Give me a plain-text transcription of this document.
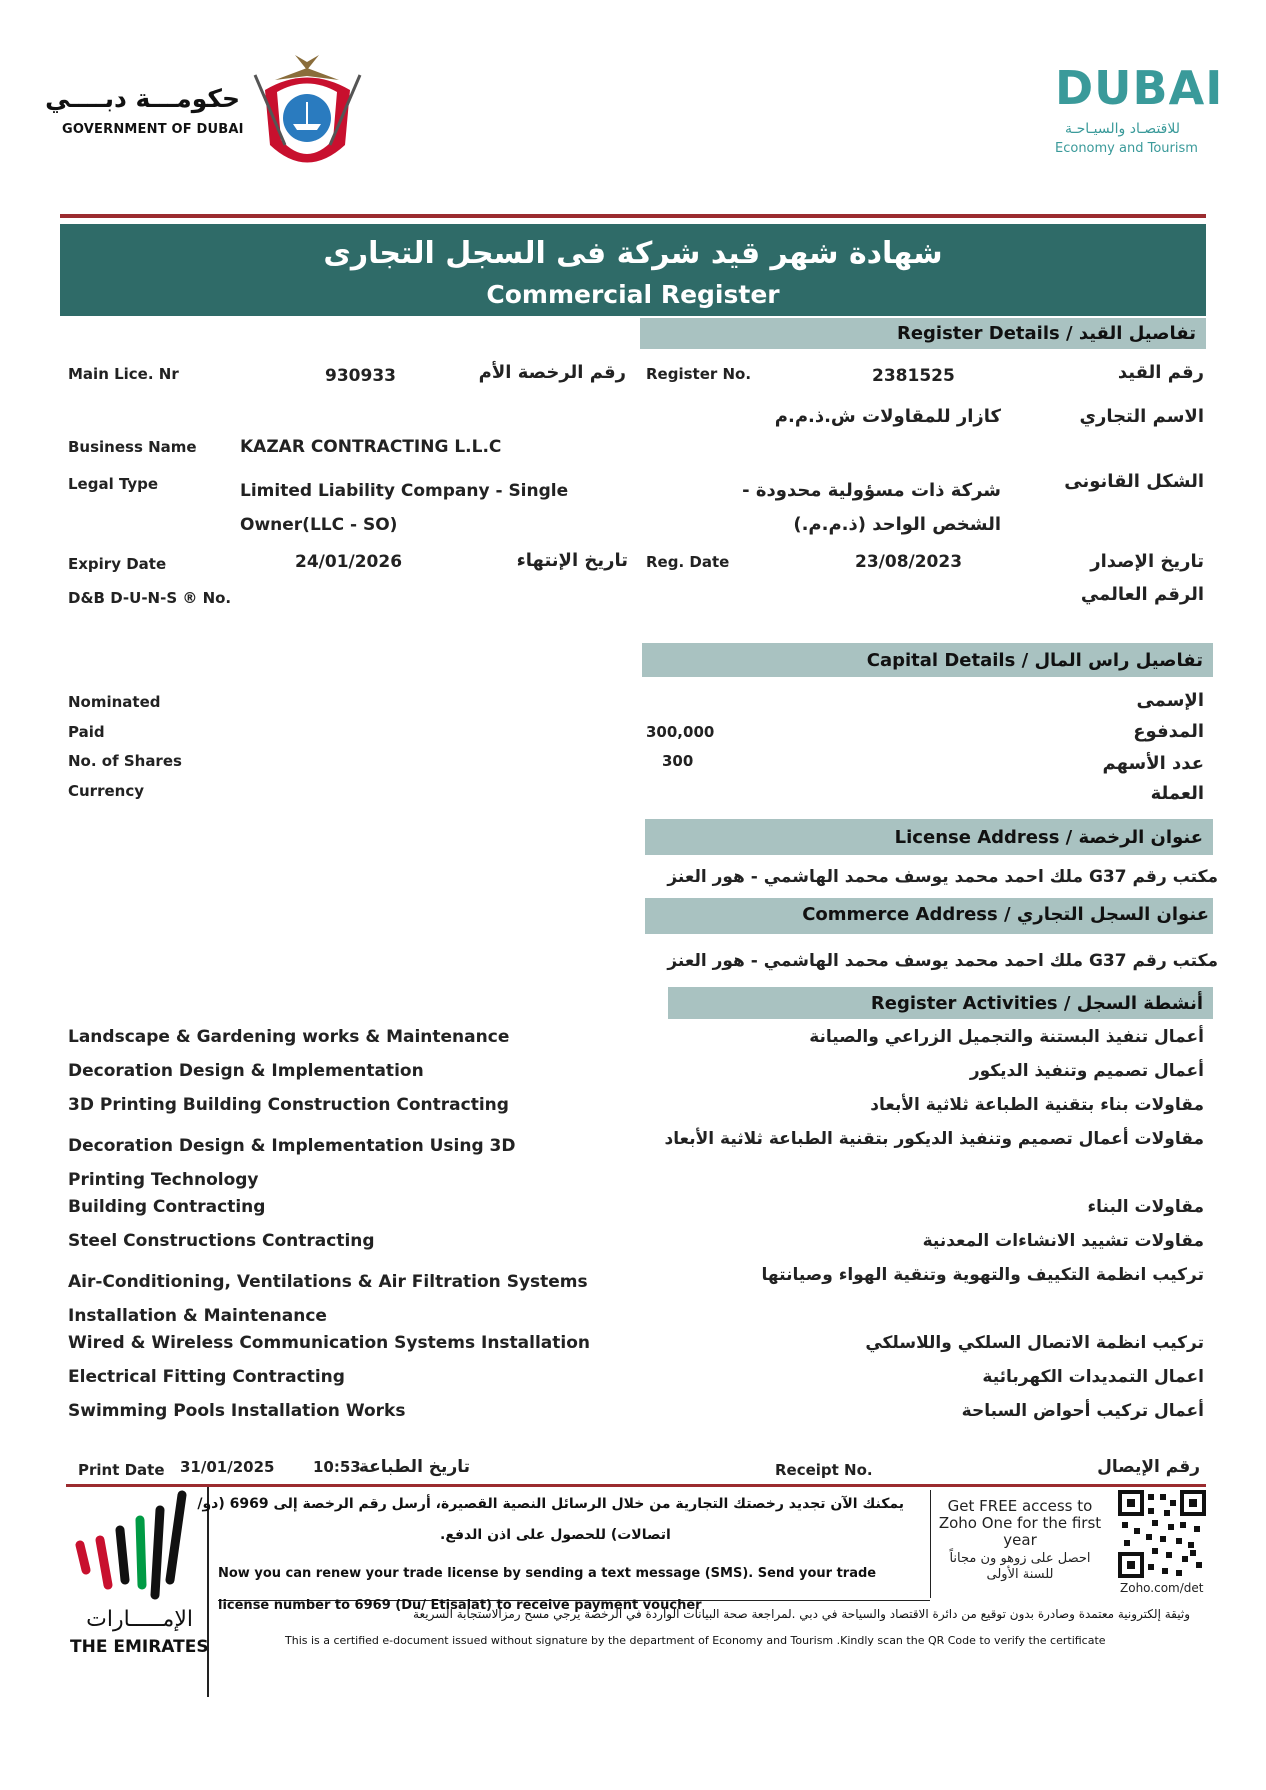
حكومـــة دبــــي
GOVERNMENT OF DUBAI
DUBAI
للاقتصـاد والسيـاحـة
Economy and Tourism
شهادة شهر قيد شركة فى السجل التجارى
Commercial Register
Register Details / تفاصيل القيد
Main Lice. Nr	930933	رقم الرخصة الأم Register No.	2381525	رقم القيد
كازار للمقاولات ش.ذ.م.م	الاسم التجاري
Business Name	KAZAR CONTRACTING L.L.C
Legal Type	Limited Liability Company - Single Owner(LLC - SO)
شركة ذات مسؤولية محدودة - الشخص الواحد (ذ.م.م.)
الشكل القانونى
Expiry Date	24/01/2026	تاريخ الإنتهاء Reg. Date	23/08/2023	تاريخ الإصدار
D&B D-U-N-S ® No.	الرقم العالمي
Capital Details / تفاصيل راس المال
Nominated	الإسمى
Paid	300,000	المدفوع
No. of Shares	300	عدد الأسهم
Currency	العملة
License Address / عنوان الرخصة
مكتب رقم G37 ملك احمد محمد يوسف محمد الهاشمي - هور العنز
Commerce Address / عنوان السجل التجاري
مكتب رقم G37 ملك احمد محمد يوسف محمد الهاشمي - هور العنز
Register Activities / أنشطة السجل
Landscape & Gardening works & Maintenance	أعمال تنفيذ البستنة والتجميل الزراعي والصيانة
Decoration Design & Implementation	أعمال تصميم وتنفيذ الديكور
3D Printing Building Construction Contracting	مقاولات بناء بتقنية الطباعة ثلاثية الأبعاد
Decoration Design & Implementation Using 3D Printing Technology
مقاولات أعمال تصميم وتنفيذ الديكور بتقنية الطباعة ثلاثية الأبعاد
Building Contracting	مقاولات البناء
Steel Constructions Contracting	مقاولات تشييد الانشاءات المعدنية
Air-Conditioning, Ventilations & Air Filtration Systems Installation & Maintenance
تركيب انظمة التكييف والتهوية وتنقية الهواء وصيانتها
Wired & Wireless Communication Systems Installation	تركيب انظمة الاتصال السلكي واللاسلكي
Electrical Fitting Contracting	اعمال التمديدات الكهربائية
Swimming Pools Installation Works	أعمال تركيب أحواض السباحة
Print Date 31/01/2025	10:53
تاريخ الطباعة	Receipt No.	رقم الإيصال
يمكنك الآن تجديد رخصتك التجارية من خلال الرسائل النصية القصيرة، أرسل رقم الرخصة إلى 6969 (دو/
اتصالات) للحصول على اذن الدفع.
Now you can renew your trade license by sending a text message (SMS). Send your trade license number to 6969 (Du/ Etisalat) to receive payment voucher
Get FREE access to Zoho One for the first year
احصل على زوهو ون مجاناً للسنة الأولى
Zoho.com/det
وثيقة إلكترونية معتمدة وصادرة بدون توقيع من دائرة الاقتصاد والسياحة في دبي .لمراجعة صحة البيانات الواردة في الرخصة يرجي مسح رمزالاستجابة السريعة
This is a certified e-document issued without signature by the department of Economy and Tourism .Kindly scan the QR Code to verify the certificate
الإمـــــارات
THE EMIRATES
